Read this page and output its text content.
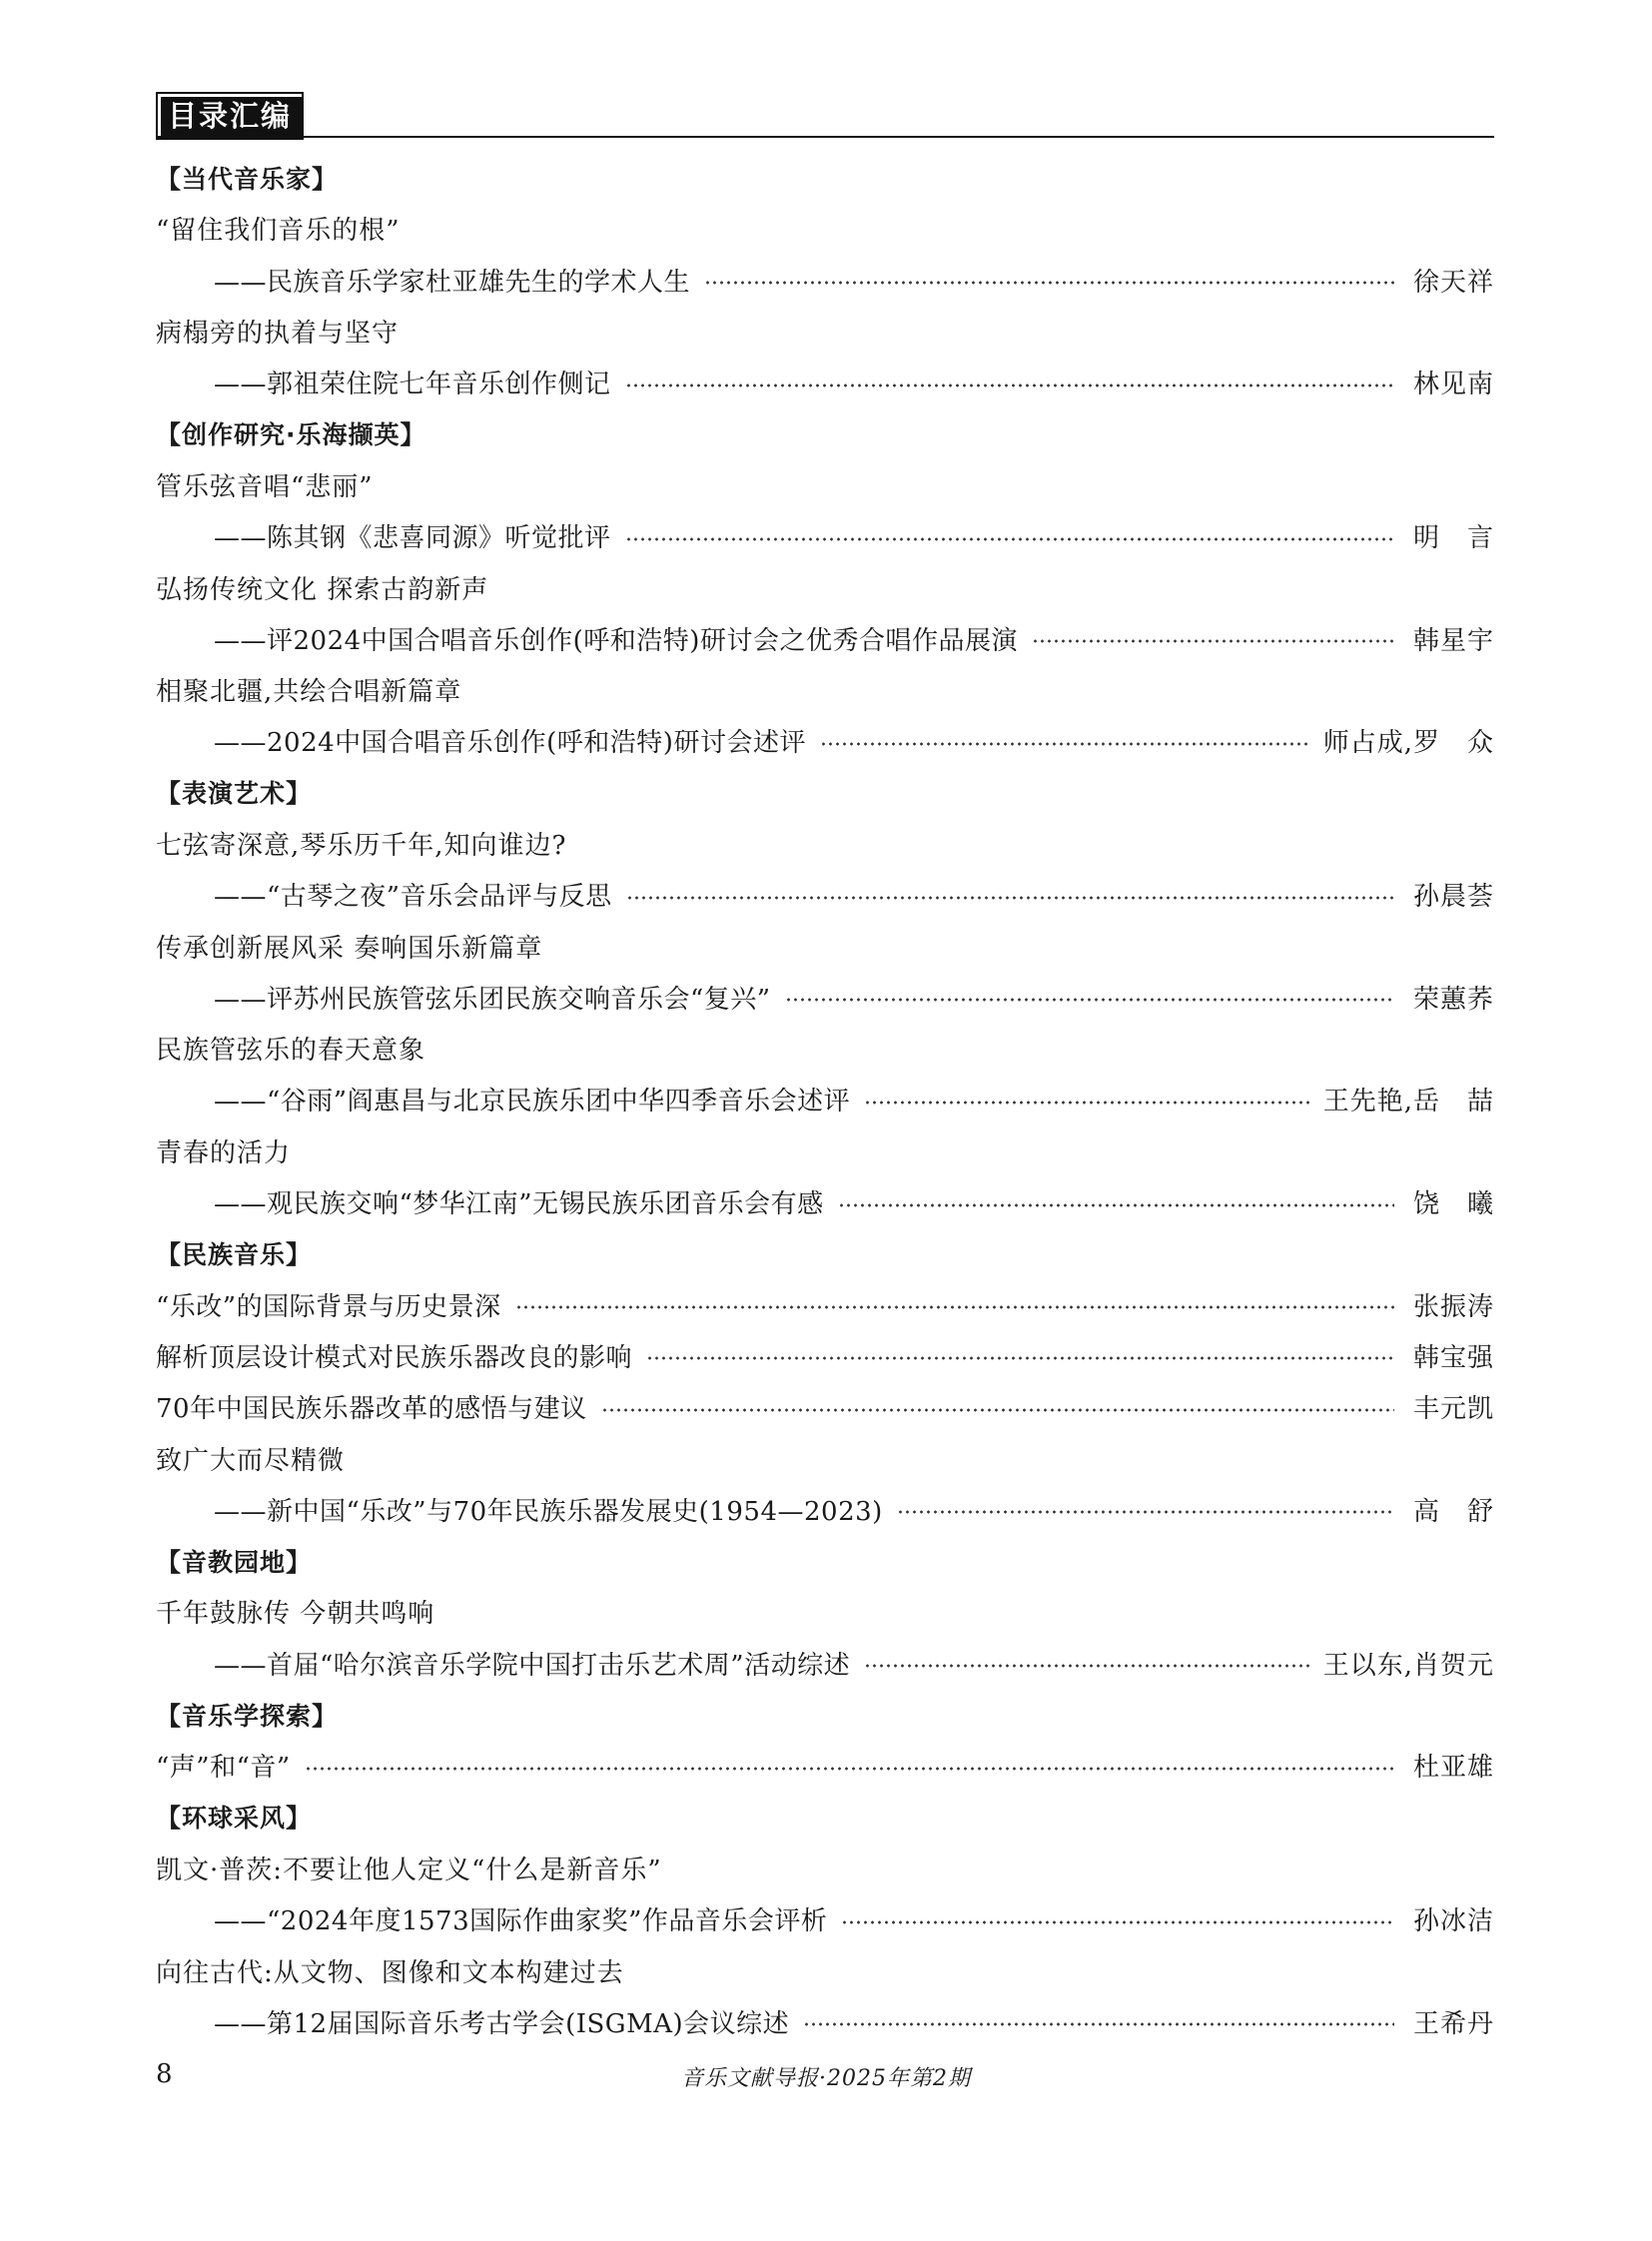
目录汇编
【当代音乐家】
“留住我们音乐的根”
——民族音乐学家杜亚雄先生的学术人生	徐天祥
病榻旁的执着与坚守
——郭祖荣住院七年音乐创作侧记	林见南
【创作研究·乐海撷英】
管乐弦音唱“悲丽”
——陈其钢《悲喜同源》听觉批评	明　言
弘扬传统文化 探索古韵新声
——评2024中国合唱音乐创作(呼和浩特)研讨会之优秀合唱作品展演	韩星宇
相聚北疆,共绘合唱新篇章
——2024中国合唱音乐创作(呼和浩特)研讨会述评	师占成,罗　众
【表演艺术】
七弦寄深意,琴乐历千年,知向谁边?
——“古琴之夜”音乐会品评与反思	孙晨荟
传承创新展风采 奏响国乐新篇章
——评苏州民族管弦乐团民族交响音乐会“复兴”	荣蕙荞
民族管弦乐的春天意象
——“谷雨”阎惠昌与北京民族乐团中华四季音乐会述评	王先艳,岳　喆
青春的活力
——观民族交响“梦华江南”无锡民族乐团音乐会有感	饶　曦
【民族音乐】
“乐改”的国际背景与历史景深	张振涛
解析顶层设计模式对民族乐器改良的影响	韩宝强
70年中国民族乐器改革的感悟与建议	丰元凯
致广大而尽精微
——新中国“乐改”与70年民族乐器发展史(1954—2023)	高　舒
【音教园地】
千年鼓脉传 今朝共鸣响
——首届“哈尔滨音乐学院中国打击乐艺术周”活动综述	王以东,肖贺元
【音乐学探索】
“声”和“音”	杜亚雄
【环球采风】
凯文·普茨:不要让他人定义“什么是新音乐”
——“2024年度1573国际作曲家奖”作品音乐会评析	孙冰洁
向往古代:从文物、图像和文本构建过去
——第12届国际音乐考古学会(ISGMA)会议综述	王希丹
8	音乐文献导报·2025年第2期
